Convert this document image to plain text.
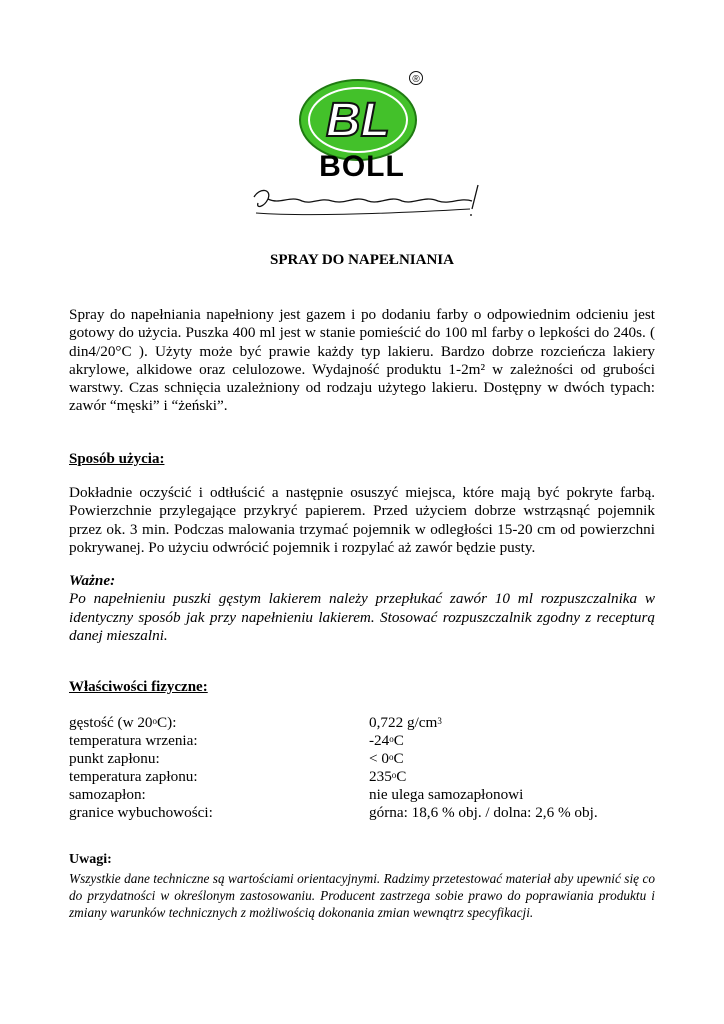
BL
®
BOLL
SPRAY DO NAPEŁNIANIA
Spray do napełniania napełniony jest gazem i po dodaniu farby o odpowiednim odcieniu jest gotowy do użycia. Puszka 400 ml jest w stanie pomieścić do 100 ml farby o lepkości do 240s. ( din4/20°C ). Użyty może być prawie każdy typ lakieru. Bardzo dobrze rozcieńcza lakiery akrylowe, alkidowe oraz celulozowe. Wydajność produktu 1-2m² w zależności od grubości warstwy. Czas schnięcia uzależniony od rodzaju użytego lakieru. Dostępny w dwóch typach: zawór “męski” i “żeński”.
Sposób użycia:
Dokładnie oczyścić i odtłuścić a następnie osuszyć miejsca, które mają być pokryte farbą. Powierzchnie przylegające przykryć papierem. Przed użyciem dobrze wstrząsnąć pojemnik przez ok. 3 min. Podczas malowania trzymać pojemnik w odległości 15-20 cm od powierzchni pokrywanej. Po użyciu odwrócić pojemnik i rozpylać aż zawór będzie pusty.
Ważne:
Po napełnieniu puszki gęstym lakierem należy przepłukać zawór 10 ml rozpuszczalnika w identyczny sposób jak przy napełnieniu lakierem. Stosować rozpuszczalnik zgodny z recepturą danej mieszalni.
Właściwości fizyczne:
gęstość (w 20$^o$C):	0,722 $g/cm^3$
temperatura wrzenia:	-24$^o$C
punkt zapłonu:	< $0^oC$
temperatura zapłonu:	235$^o$C
samozapłon:	nie ulega samozapłonowi
granice wybuchowości:	górna: 18,6 % obj. / dolna: 2,6 % obj.
Uwagi:
Wszystkie dane techniczne są wartościami orientacyjnymi. Radzimy przetestować materiał aby upewnić się co do przydatności w określonym zastosowaniu. Producent zastrzega sobie prawo do poprawiania produktu i zmiany warunków technicznych z możliwością dokonania zmian wewnątrz specyfikacji.
